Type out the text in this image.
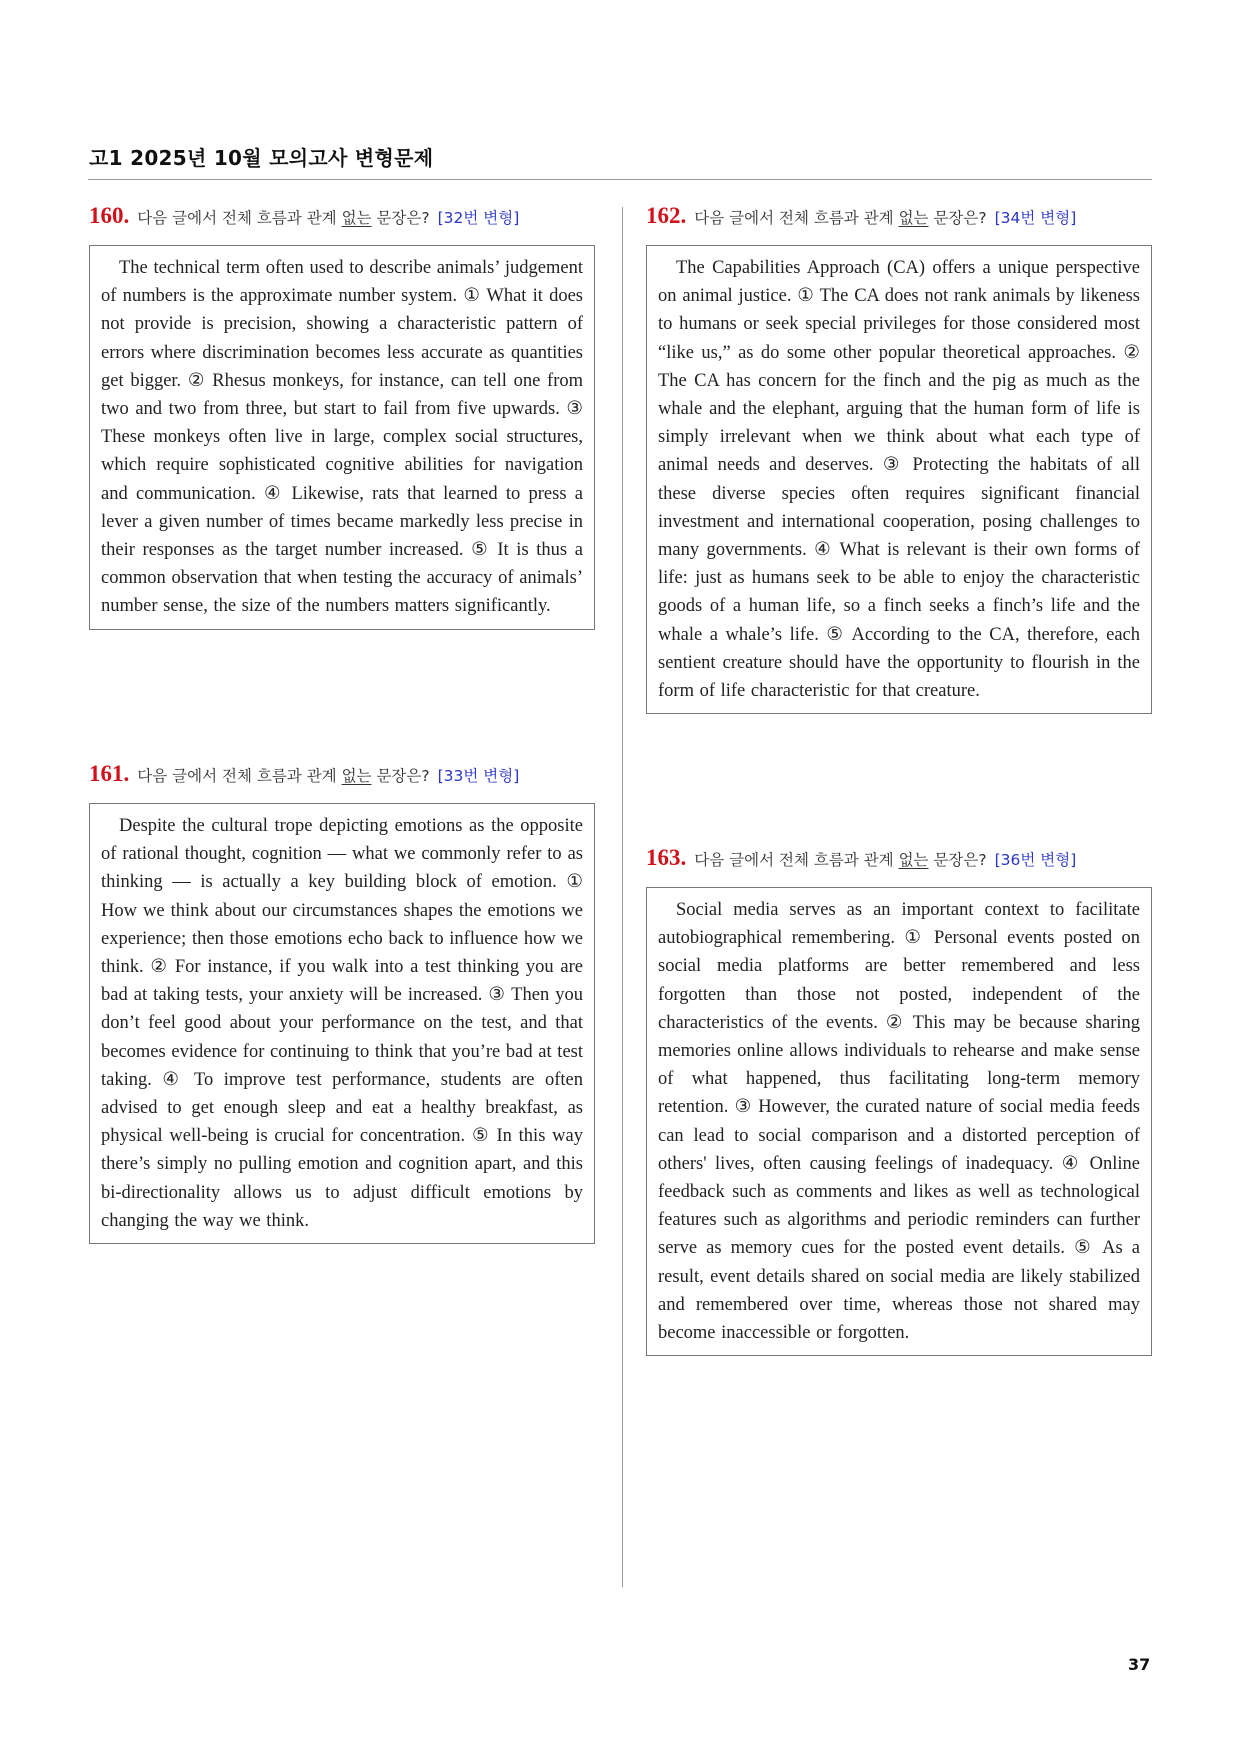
고1 2025년 10월 모의고사 변형문제
160. 다음 글에서 전체 흐름과 관계 없는 문장은? [32번 변형]
The technical term often used to describe animals’ judgement of numbers is the approximate number system. ① What it does not provide is precision, showing a characteristic pattern of errors where discrimination becomes less accurate as quantities get bigger. ② Rhesus monkeys, for instance, can tell one from two and two from three, but start to fail from five upwards. ③ These monkeys often live in large, complex social structures, which require sophisticated cognitive abilities for navigation and communication. ④ Likewise, rats that learned to press a lever a given number of times became markedly less precise in their responses as the target number increased. ⑤ It is thus a common observation that when testing the accuracy of animals’ number sense, the size of the numbers matters significantly.
161. 다음 글에서 전체 흐름과 관계 없는 문장은? [33번 변형]
Despite the cultural trope depicting emotions as the opposite of rational thought, cognition — what we commonly refer to as thinking — is actually a key building block of emotion. ① How we think about our circumstances shapes the emotions we experience; then those emotions echo back to influence how we think. ② For instance, if you walk into a test thinking you are bad at taking tests, your anxiety will be increased. ③ Then you don’t feel good about your performance on the test, and that becomes evidence for continuing to think that you’re bad at test taking. ④ To improve test performance, students are often advised to get enough sleep and eat a healthy breakfast, as physical well-being is crucial for concentration. ⑤ In this way there’s simply no pulling emotion and cognition apart, and this bi-directionality allows us to adjust difficult emotions by changing the way we think.
162. 다음 글에서 전체 흐름과 관계 없는 문장은? [34번 변형]
The Capabilities Approach (CA) offers a unique perspective on animal justice. ① The CA does not rank animals by likeness to humans or seek special privileges for those considered most “like us,” as do some other popular theoretical approaches. ② The CA has concern for the finch and the pig as much as the whale and the elephant, arguing that the human form of life is simply irrelevant when we think about what each type of animal needs and deserves. ③ Protecting the habitats of all these diverse species often requires significant financial investment and international cooperation, posing challenges to many governments. ④ What is relevant is their own forms of life: just as humans seek to be able to enjoy the characteristic goods of a human life, so a finch seeks a finch’s life and the whale a whale’s life. ⑤ According to the CA, therefore, each sentient creature should have the opportunity to flourish in the form of life characteristic for that creature.
163. 다음 글에서 전체 흐름과 관계 없는 문장은? [36번 변형]
Social media serves as an important context to facilitate autobiographical remembering. ① Personal events posted on social media platforms are better remembered and less forgotten than those not posted, independent of the characteristics of the events. ② This may be because sharing memories online allows individuals to rehearse and make sense of what happened, thus facilitating long-term memory retention. ③ However, the curated nature of social media feeds can lead to social comparison and a distorted perception of others' lives, often causing feelings of inadequacy. ④ Online feedback such as comments and likes as well as technological features such as algorithms and periodic reminders can further serve as memory cues for the posted event details. ⑤ As a result, event details shared on social media are likely stabilized and remembered over time, whereas those not shared may become inaccessible or forgotten.
37
